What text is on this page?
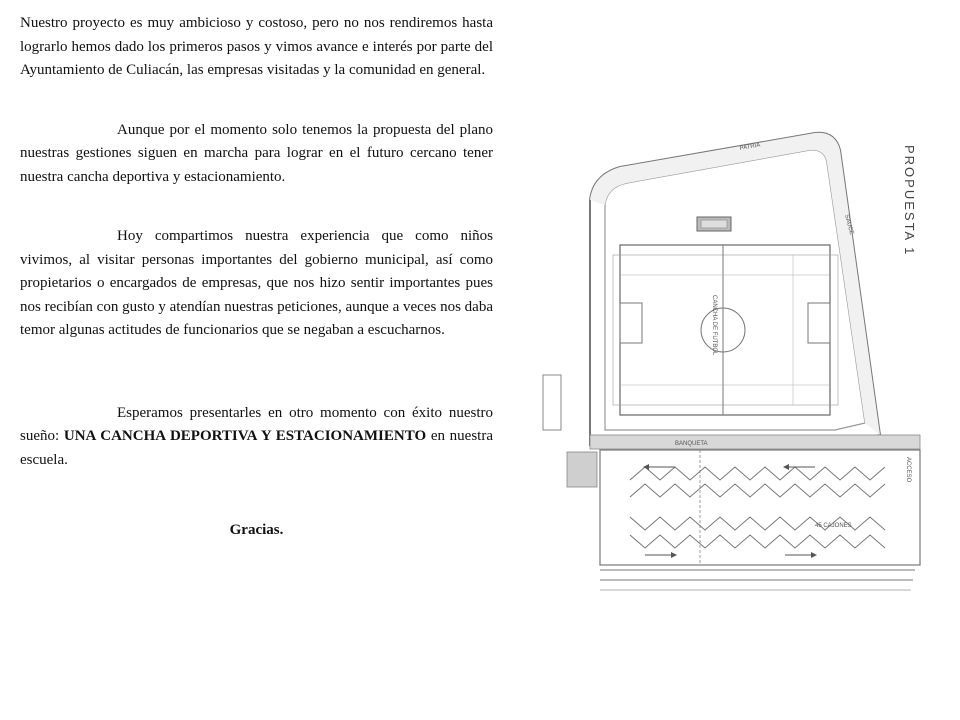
Nuestro proyecto es muy ambicioso y costoso, pero no nos rendiremos hasta lograrlo hemos dado los primeros pasos y vimos avance e interés por parte del Ayuntamiento de Culiacán, las empresas visitadas y la comunidad en general.

Aunque por el momento solo tenemos la propuesta del plano nuestras gestiones siguen en marcha para lograr en el futuro cercano tener nuestra cancha deportiva y estacionamiento.

Hoy compartimos nuestra experiencia que como niños vivimos, al visitar personas importantes del gobierno municipal, así como propietarios o encargados de empresas, que nos hizo sentir importantes pues nos recibían con gusto y atendían nuestras peticiones, aunque a veces nos daba temor algunas actitudes de funcionarios que se negaban a escucharnos.

Esperamos presentarles en otro momento con éxito nuestro sueño: UNA CANCHA DEPORTIVA Y ESTACIONAMIENTO en nuestra escuela.

Gracias.
PATRIA
SAUCE	PROPUESTA 1
CANCHA DE FUTBOL
BANQUETA
ACCESO
45 CAJONES
